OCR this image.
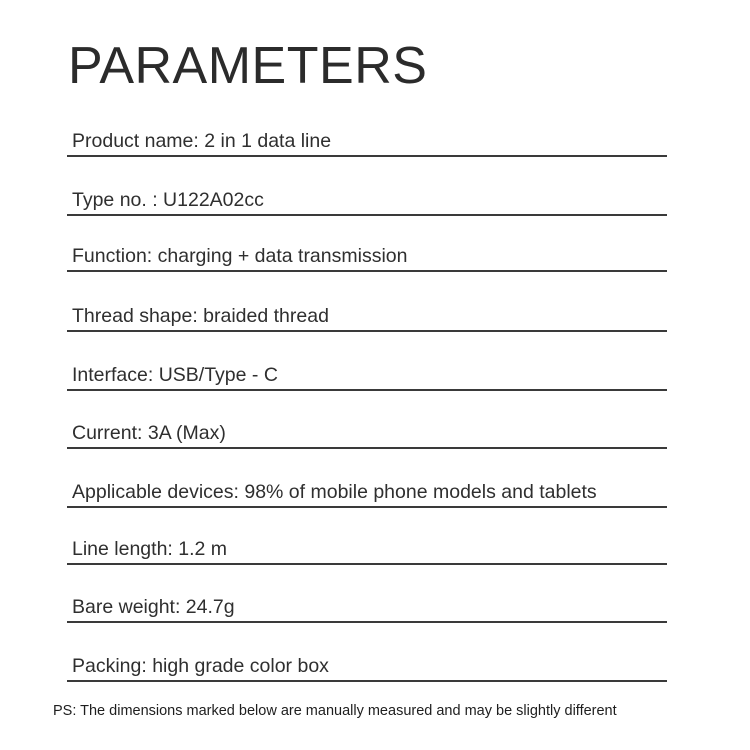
PARAMETERS
Product name: 2 in 1 data line
Type no. : U122A02cc
Function: charging + data transmission
Thread shape: braided thread
Interface: USB/Type - C
Current: 3A (Max)
Applicable devices: 98% of mobile phone models and tablets
Line length: 1.2 m
Bare weight: 24.7g
Packing: high grade color box
PS: The dimensions marked below are manually measured and may be slightly different
